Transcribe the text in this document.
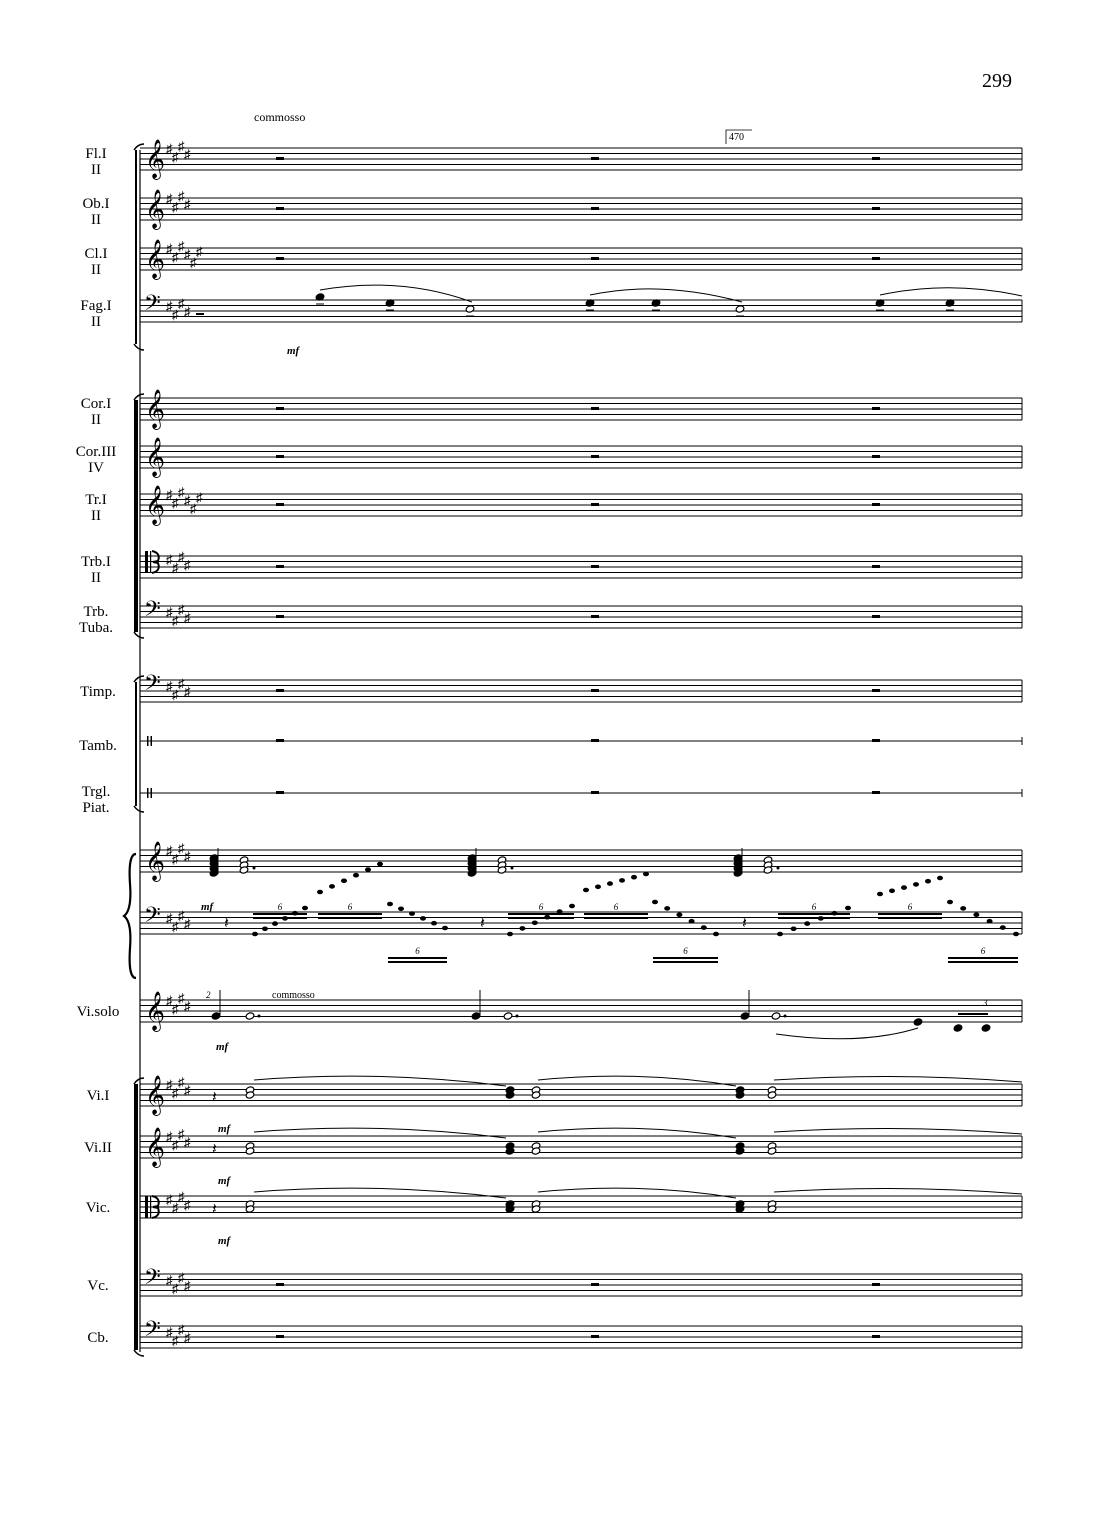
299
commosso
commosso
𝄞 ♯
♯
♯
♯
Fl.I
II
𝄞 ♯
♯
♯
♯
Ob.I
II
𝄞 ♯
♯
♯
♯
♯
♯
Cl.I
II
𝄢 ♯
♯
♯
♯
Fag.I
II
𝄞
Cor.I
II
𝄞
Cor.III
IV
𝄞 ♯
♯
♯
♯
♯
♯
Tr.I
II
♯
♯
♯
♯
Trb.I
II
𝄢 ♯
♯
♯
♯
Trb.
Tuba.
𝄢 ♯
♯
♯
♯
Timp.
Tamb.
Trgl.
Piat.
𝄞 ♯
♯
♯
♯
𝄢 ♯
♯
♯
♯
𝄞 ♯
♯
♯
♯
Vi.solo
𝄞 ♯
♯
♯
♯
Vi.I
𝄞 ♯
♯
♯
♯
Vi.II
♯
♯
♯
♯
Vic.
𝄢 ♯
♯
♯
♯
Vc.
𝄢 ♯
♯
♯
♯
Cb.
470
mf
mf	6	6
6
6	6
6
6	6
6
𝄽	𝄽	𝄽
2
3
mf
𝄽
mf
𝄽
mf
𝄽
mf
